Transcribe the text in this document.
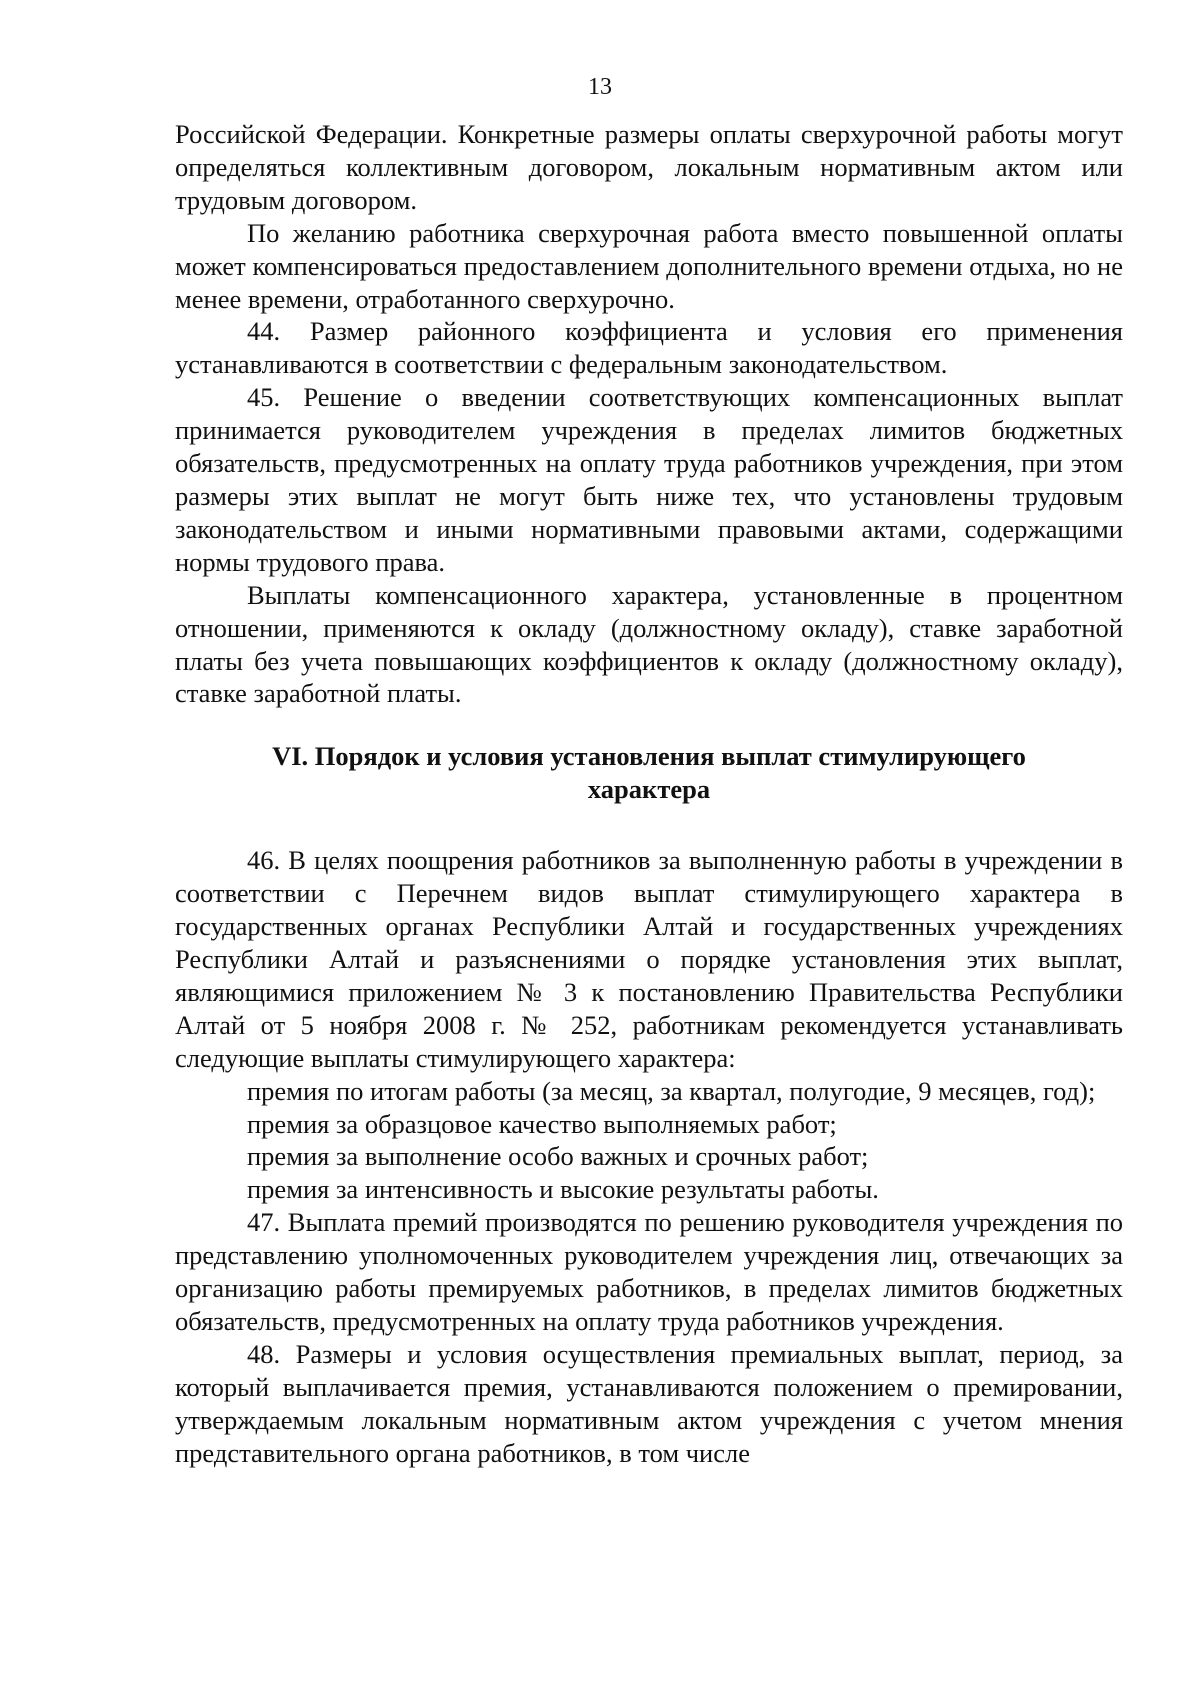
13

Российской Федерации. Конкретные размеры оплаты сверхурочной работы могут определяться коллективным договором, локальным нормативным актом или трудовым договором.

По желанию работника сверхурочная работа вместо повышенной оплаты может компенсироваться предоставлением дополнительного времени отдыха, но не менее времени, отработанного сверхурочно.

44. Размер районного коэффициента и условия его применения устанавливаются в соответствии с федеральным законодательством.

45. Решение о введении соответствующих компенсационных выплат принимается руководителем учреждения в пределах лимитов бюджетных обязательств, предусмотренных на оплату труда работников учреждения, при этом размеры этих выплат не могут быть ниже тех, что установлены трудовым законодательством и иными нормативными правовыми актами, содержащими нормы трудового права.

Выплаты компенсационного характера, установленные в процентном отношении, применяются к окладу (должностному окладу), ставке заработной платы без учета повышающих коэффициентов к окладу (должностному окладу), ставке заработной платы.

VI. Порядок и условия установления выплат стимулирующего характера

46. В целях поощрения работников за выполненную работы в учреждении в соответствии с Перечнем видов выплат стимулирующего характера в государственных органах Республики Алтай и государственных учреждениях Республики Алтай и разъяснениями о порядке установления этих выплат, являющимися приложением № 3 к постановлению Правительства Республики Алтай от 5 ноября 2008 г. № 252, работникам рекомендуется устанавливать следующие выплаты стимулирующего характера:

премия по итогам работы (за месяц, за квартал, полугодие, 9 месяцев, год);

премия за образцовое качество выполняемых работ;

премия за выполнение особо важных и срочных работ;

премия за интенсивность и высокие результаты работы.

47. Выплата премий производятся по решению руководителя учреждения по представлению уполномоченных руководителем учреждения лиц, отвечающих за организацию работы премируемых работников, в пределах лимитов бюджетных обязательств, предусмотренных на оплату труда работников учреждения.

48. Размеры и условия осуществления премиальных выплат, период, за который выплачивается премия, устанавливаются положением о премировании, утверждаемым локальным нормативным актом учреждения с учетом мнения представительного органа работников, в том числе
